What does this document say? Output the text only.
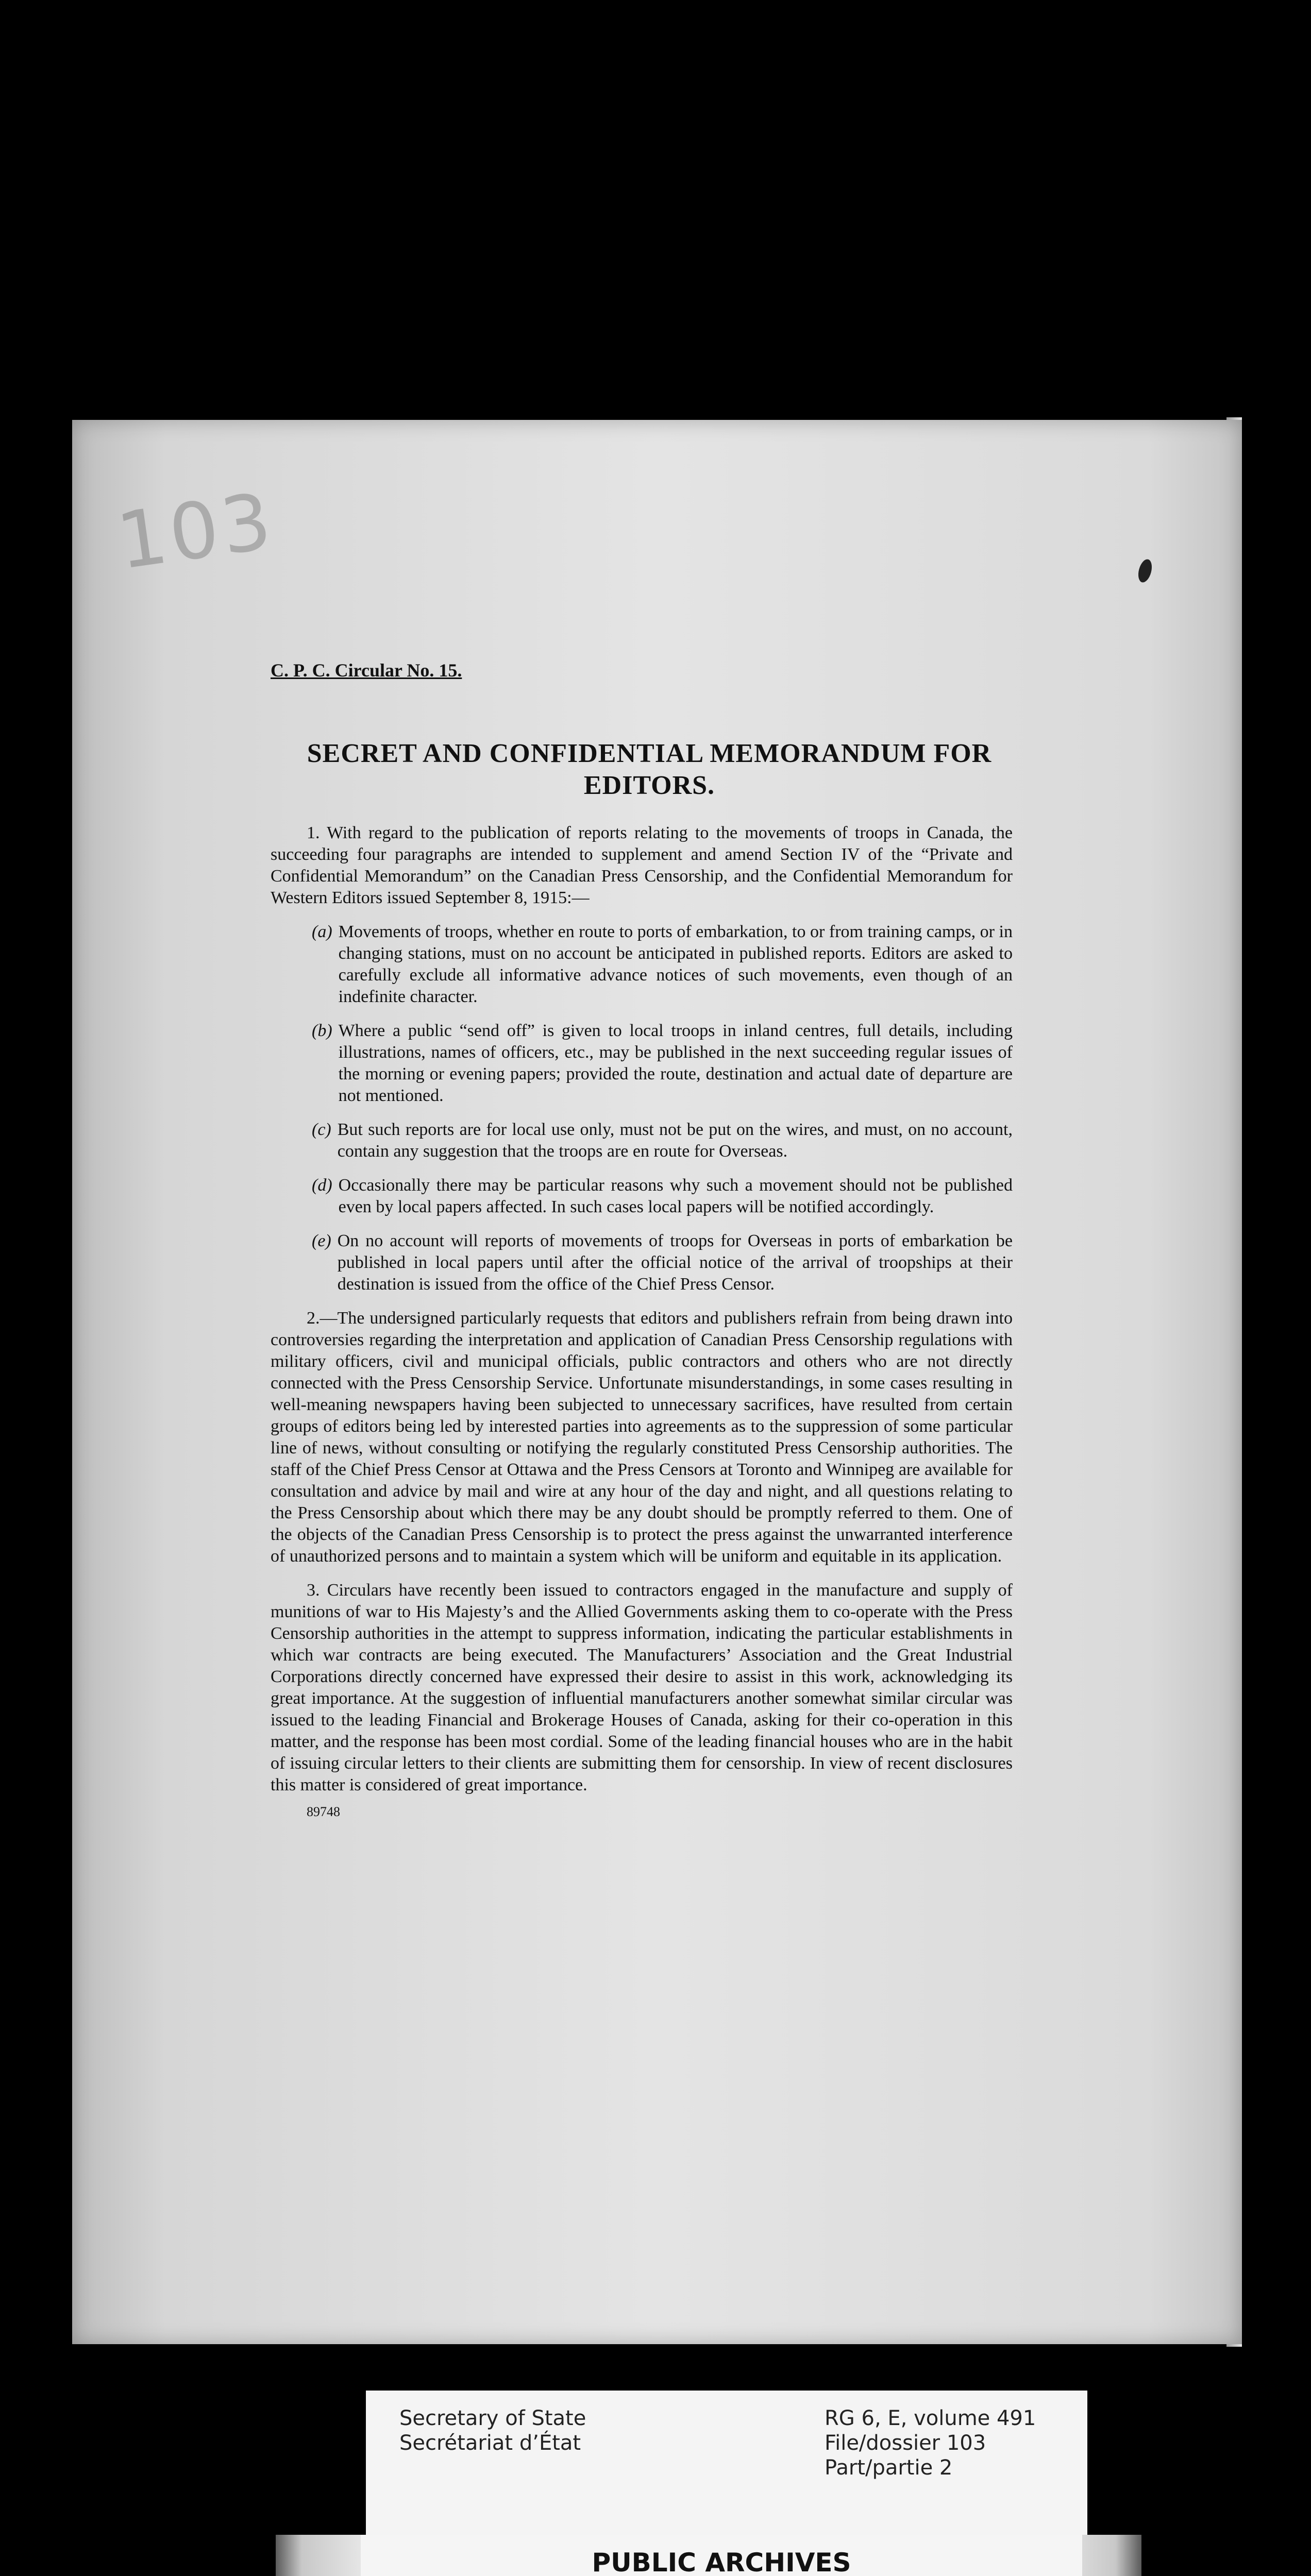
103
C. P. C. Circular No. 15.
SECRET AND CONFIDENTIAL MEMORANDUM FOR
EDITORS.

1. With regard to the publication of reports relating to the movements of troops in Canada, the succeeding four paragraphs are intended to supplement and amend Section IV of the “Private and Confidential Memorandum” on the Canadian Press Censorship, and the Confidential Memorandum for Western Editors issued September 8, 1915:—

(a) Movements of troops, whether en route to ports of embarkation, to or from training camps, or in changing stations, must on no account be anticipated in published reports. Editors are asked to carefully exclude all informative advance notices of such movements, even though of an indefinite character.
(b) Where a public “send off” is given to local troops in inland centres, full details, including illustrations, names of officers, etc., may be published in the next succeeding regular issues of the morning or evening papers; provided the route, destination and actual date of departure are not mentioned.
(c) But such reports are for local use only, must not be put on the wires, and must, on no account, contain any suggestion that the troops are en route for Overseas.
(d) Occasionally there may be particular reasons why such a movement should not be published even by local papers affected. In such cases local papers will be notified accordingly.
(e) On no account will reports of movements of troops for Overseas in ports of embarkation be published in local papers until after the official notice of the arrival of troopships at their destination is issued from the office of the Chief Press Censor.

2.—The undersigned particularly requests that editors and publishers refrain from being drawn into controversies regarding the interpretation and application of Canadian Press Censorship regulations with military officers, civil and municipal officials, public contractors and others who are not directly connected with the Press Censorship Service. Unfortunate misunderstandings, in some cases resulting in well-meaning newspapers having been subjected to unnecessary sacrifices, have resulted from certain groups of editors being led by interested parties into agreements as to the suppression of some particular line of news, without consulting or notifying the regularly constituted Press Censorship authorities. The staff of the Chief Press Censor at Ottawa and the Press Censors at Toronto and Winnipeg are available for consultation and advice by mail and wire at any hour of the day and night, and all questions relating to the Press Censorship about which there may be any doubt should be promptly referred to them. One of the objects of the Canadian Press Censorship is to protect the press against the unwarranted interference of unauthorized persons and to maintain a system which will be uniform and equitable in its application.

3. Circulars have recently been issued to contractors engaged in the manufacture and supply of munitions of war to His Majesty’s and the Allied Governments asking them to co-operate with the Press Censorship authorities in the attempt to suppress information, indicating the particular establishments in which war contracts are being executed. The Manufacturers’ Association and the Great Industrial Corporations directly concerned have expressed their desire to assist in this work, acknowledging its great importance. At the suggestion of influential manufacturers another somewhat similar circular was issued to the leading Financial and Brokerage Houses of Canada, asking for their co-operation in this matter, and the response has been most cordial. Some of the leading financial houses who are in the habit of issuing circular letters to their clients are submitting them for censorship. In view of recent disclosures this matter is considered of great importance.

89748
Secretary of State
Secrétariat d’État
RG 6, E, volume 491
File/dossier 103
Part/partie 2
PUBLIC ARCHIVES
